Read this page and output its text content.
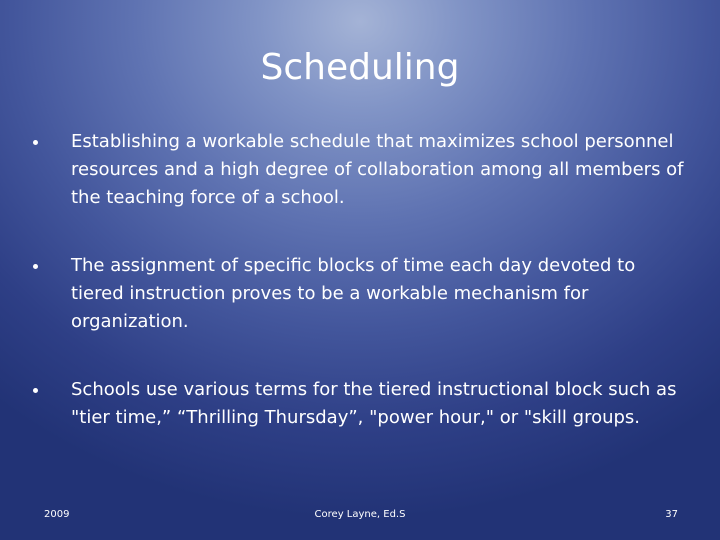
Scheduling
Establishing a workable schedule that maximizes school personnel resources and a high degree of collaboration among all members of the teaching force of a school.
The assignment of specific blocks of time each day devoted to tiered instruction proves to be a workable mechanism for organization.
Schools use various terms for the tiered instructional block such as "tier time,” “Thrilling Thursday”, "power hour," or "skill groups.
2009	Corey Layne, Ed.S	37
